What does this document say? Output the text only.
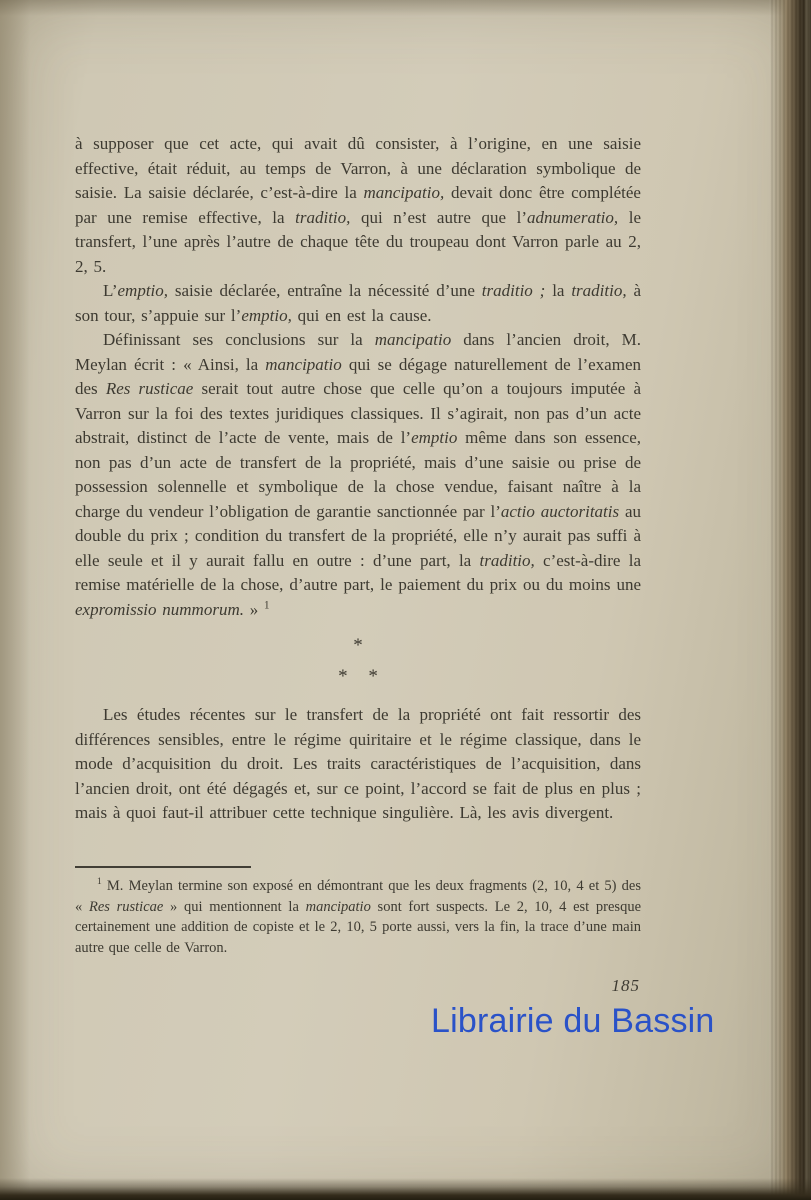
à supposer que cet acte, qui avait dû consister, à l’origine, en une saisie effective, était réduit, au temps de Varron, à une déclaration symbolique de saisie. La saisie déclarée, c’est-à-dire la mancipatio, devait donc être complétée par une remise effective, la traditio, qui n’est autre que l’adnumeratio, le transfert, l’une après l’autre de chaque tête du troupeau dont Varron parle au 2, 2, 5.

L’emptio, saisie déclarée, entraîne la nécessité d’une traditio ; la traditio, à son tour, s’appuie sur l’emptio, qui en est la cause.

Définissant ses conclusions sur la mancipatio dans l’ancien droit, M. Meylan écrit : « Ainsi, la mancipatio qui se dégage naturellement de l’examen des Res rusticae serait tout autre chose que celle qu’on a toujours imputée à Varron sur la foi des textes juridiques classiques. Il s’agirait, non pas d’un acte abstrait, distinct de l’acte de vente, mais de l’emptio même dans son essence, non pas d’un acte de transfert de la propriété, mais d’une saisie ou prise de possession solennelle et symbolique de la chose vendue, faisant naître à la charge du vendeur l’obligation de garantie sanctionnée par l’actio auctoritatis au double du prix ; condition du transfert de la propriété, elle n’y aurait pas suffi à elle seule et il y aurait fallu en outre : d’une part, la traditio, c’est-à-dire la remise matérielle de la chose, d’autre part, le paiement du prix ou du moins une expromissio nummorum. » $^1$

*
* *

Les études récentes sur le transfert de la propriété ont fait ressortir des différences sensibles, entre le régime quiritaire et le régime classique, dans le mode d’acquisition du droit. Les traits caractéristiques de l’acquisition, dans l’ancien droit, ont été dégagés et, sur ce point, l’accord se fait de plus en plus ; mais à quoi faut-il attribuer cette technique singulière. Là, les avis divergent.

$^1$ M. Meylan termine son exposé en démontrant que les deux fragments (2, 10, 4 et 5) des « Res rusticae » qui mentionnent la mancipatio sont fort suspects. Le 2, 10, 4 est presque certainement une addition de copiste et le 2, 10, 5 porte aussi, vers la fin, la trace d’une main autre que celle de Varron.

185
Librairie du Bassin
